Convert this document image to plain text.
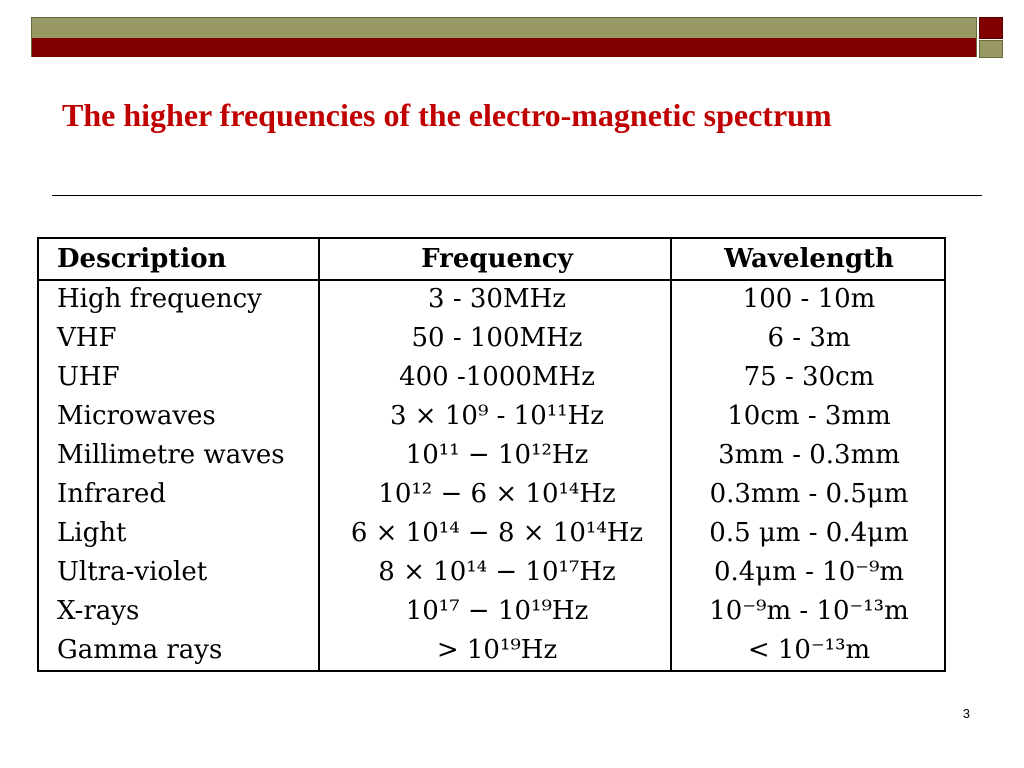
The higher frequencies of the electro-magnetic spectrum
Description	Frequency	Wavelength
High frequency	3 - 30MHz	100 - 10m
VHF	50 - 100MHz	6 - 3m
UHF	400 -1000MHz	75 - 30cm
Microwaves	3 × 10⁹ - 10¹¹Hz	10cm - 3mm
Millimetre waves	10¹¹ − 10¹²Hz	3mm - 0.3mm
Infrared	10¹² − 6 × 10¹⁴Hz	0.3mm - 0.5μm
Light	6 × 10¹⁴ − 8 × 10¹⁴Hz	0.5 μm - 0.4μm
Ultra-violet	8 × 10¹⁴ − 10¹⁷Hz	0.4μm - 10⁻⁹m
X-rays	10¹⁷ − 10¹⁹Hz	10⁻⁹m - 10⁻¹³m
Gamma rays	> 10¹⁹Hz	< 10⁻¹³m
3
